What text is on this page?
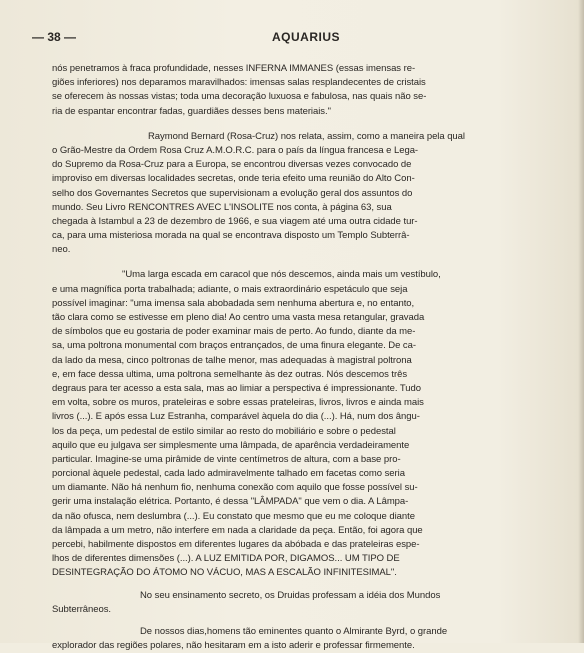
— 38 —	AQUARIUS
nós penetramos à fraca profundidade, nesses INFERNA IMMANES (essas imensas re-
giões inferiores) nos deparamos maravilhados: imensas salas resplandecentes de cristais
se oferecem às nossas vistas; toda uma decoração luxuosa e fabulosa, nas quais não se-
ria de espantar encontrar fadas, guardiães desses bens materiais."
Raymond Bernard (Rosa-Cruz) nos relata, assim, como a maneira pela qual
o Grão-Mestre da Ordem Rosa Cruz A.M.O.R.C. para o país da língua francesa e Lega-
do Supremo da Rosa-Cruz para a Europa, se encontrou diversas vezes convocado de
improviso em diversas localidades secretas, onde teria efeito uma reunião do Alto Con-
selho dos Governantes Secretos que supervisionam a evolução geral dos assuntos do
mundo. Seu Livro RENCONTRES AVEC L'INSOLITE nos conta, à página 63, sua
chegada à Istambul a 23 de dezembro de 1966, e sua viagem até uma outra cidade tur-
ca, para uma misteriosa morada na qual se encontrava disposto um Templo Subterrâ-
neo.
"Uma larga escada em caracol que nós descemos, ainda mais um vestíbulo,
e uma magnífica porta trabalhada; adiante, o mais extraordinário espetáculo que seja
possível imaginar: "uma imensa sala abobadada sem nenhuma abertura e, no entanto,
tão clara como se estivesse em pleno dia! Ao centro uma vasta mesa retangular, gravada
de símbolos que eu gostaria de poder examinar mais de perto. Ao fundo, diante da me-
sa, uma poltrona monumental com braços entrançados, de uma finura elegante. De ca-
da lado da mesa, cinco poltronas de talhe menor, mas adequadas à magistral poltrona
e, em face dessa ultima, uma poltrona semelhante às dez outras. Nós descemos três
degraus para ter acesso a esta sala, mas ao limiar a perspectiva é impressionante. Tudo
em volta, sobre os muros, prateleiras e sobre essas prateleiras, livros, livros e ainda mais
livros (...). E após essa Luz Estranha, comparável àquela do dia (...). Há, num dos ângu-
los da peça, um pedestal de estilo similar ao resto do mobiliário e sobre o pedestal
aquilo que eu julgava ser simplesmente uma lâmpada, de aparência verdadeiramente
particular. Imagine-se uma pirâmide de vinte centímetros de altura, com a base pro-
porcional àquele pedestal, cada lado admiravelmente talhado em facetas como seria
um diamante. Não há nenhum fio, nenhuma conexão com aquilo que fosse possível su-
gerir uma instalação elétrica. Portanto, é dessa "LÂMPADA" que vem o dia. A Lâmpa-
da não ofusca, nem deslumbra (...). Eu constato que mesmo que eu me coloque diante
da lâmpada a um metro, não interfere em nada a claridade da peça. Então, foi agora que
percebi, habilmente dispostos em diferentes lugares da abóbada e das prateleiras espe-
lhos de diferentes dimensões (...). A LUZ EMITIDA POR, DIGAMOS... UM TIPO DE
DESINTEGRAÇÃO DO ÁTOMO NO VÁCUO, MAS A ESCALÃO INFINITESIMAL".
No seu ensinamento secreto, os Druidas professam a idéia dos Mundos
Subterrâneos.
De nossos dias,homens tão eminentes quanto o Almirante Byrd, o grande
explorador das regiões polares, não hesitaram em a isto aderir e professar firmemente.
